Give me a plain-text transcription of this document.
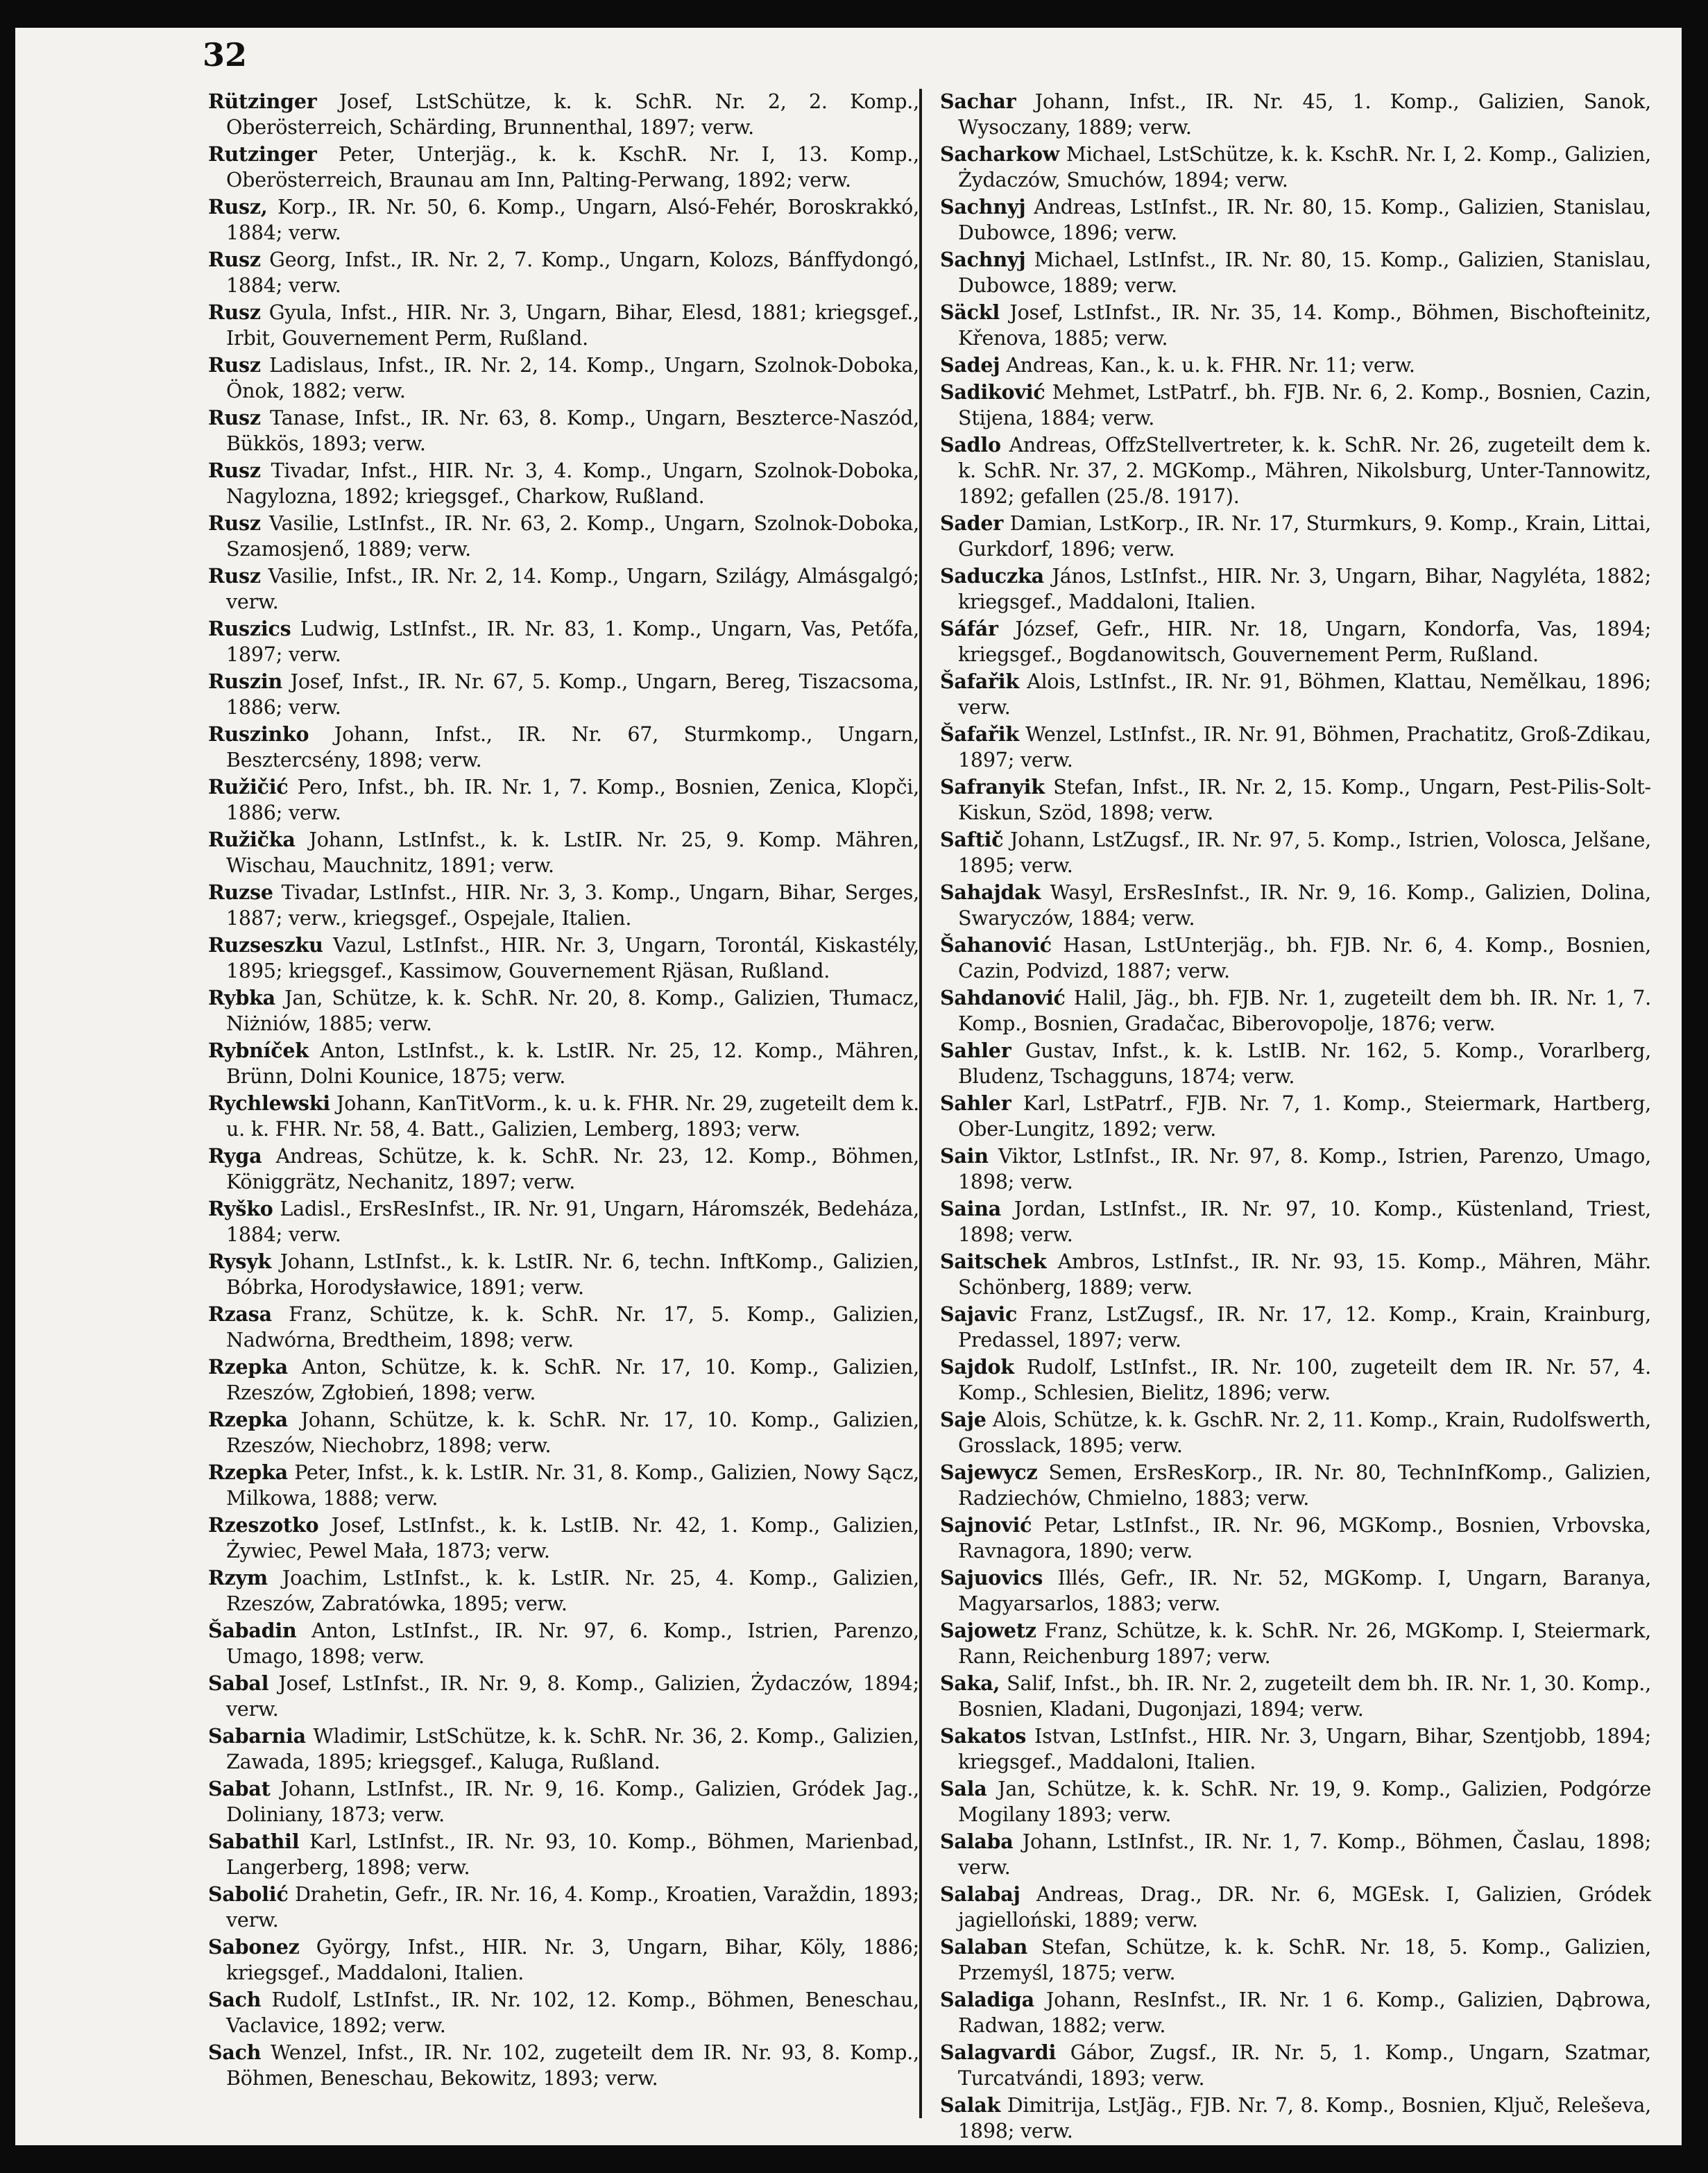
32

Rützinger Josef, LstSchütze, k. k. SchR. Nr. 2, 2. Komp., Oberösterreich, Schärding, Brunnenthal, 1897; verw.

Rutzinger Peter, Unterjäg., k. k. KschR. Nr. I, 13. Komp., Oberösterreich, Braunau am Inn, Palting-Perwang, 1892; verw.

Rusz, Korp., IR. Nr. 50, 6. Komp., Ungarn, Alsó-Fehér, Boroskrakkó, 1884; verw.

Rusz Georg, Infst., IR. Nr. 2, 7. Komp., Ungarn, Kolozs, Bánffydongó, 1884; verw.

Rusz Gyula, Infst., HIR. Nr. 3, Ungarn, Bihar, Elesd, 1881; kriegsgef., Irbit, Gouvernement Perm, Rußland.

Rusz Ladislaus, Infst., IR. Nr. 2, 14. Komp., Ungarn, Szolnok-Doboka, Önok, 1882; verw.

Rusz Tanase, Infst., IR. Nr. 63, 8. Komp., Ungarn, Beszterce-Naszód, Bükkös, 1893; verw.

Rusz Tivadar, Infst., HIR. Nr. 3, 4. Komp., Ungarn, Szolnok-Doboka, Nagylozna, 1892; kriegsgef., Charkow, Rußland.

Rusz Vasilie, LstInfst., IR. Nr. 63, 2. Komp., Ungarn, Szolnok-Doboka, Szamosjenő, 1889; verw.

Rusz Vasilie, Infst., IR. Nr. 2, 14. Komp., Ungarn, Szilágy, Almásgalgó; verw.

Ruszics Ludwig, LstInfst., IR. Nr. 83, 1. Komp., Ungarn, Vas, Petőfa, 1897; verw.

Ruszin Josef, Infst., IR. Nr. 67, 5. Komp., Ungarn, Bereg, Tiszacsoma, 1886; verw.

Ruszinko Johann, Infst., IR. Nr. 67, Sturmkomp., Ungarn, Besztercsény, 1898; verw.

Ružičić Pero, Infst., bh. IR. Nr. 1, 7. Komp., Bosnien, Zenica, Klopči, 1886; verw.

Ružička Johann, LstInfst., k. k. LstIR. Nr. 25, 9. Komp. Mähren, Wischau, Mauchnitz, 1891; verw.

Ruzse Tivadar, LstInfst., HIR. Nr. 3, 3. Komp., Ungarn, Bihar, Serges, 1887; verw., kriegsgef., Ospejale, Italien.

Ruzseszku Vazul, LstInfst., HIR. Nr. 3, Ungarn, Torontál, Kiskastély, 1895; kriegsgef., Kassimow, Gouvernement Rjäsan, Rußland.

Rybka Jan, Schütze, k. k. SchR. Nr. 20, 8. Komp., Galizien, Tłumacz, Niżniów, 1885; verw.

Rybníček Anton, LstInfst., k. k. LstIR. Nr. 25, 12. Komp., Mähren, Brünn, Dolni Kounice, 1875; verw.

Rychlewski Johann, KanTitVorm., k. u. k. FHR. Nr. 29, zugeteilt dem k. u. k. FHR. Nr. 58, 4. Batt., Galizien, Lemberg, 1893; verw.

Ryga Andreas, Schütze, k. k. SchR. Nr. 23, 12. Komp., Böhmen, Königgrätz, Nechanitz, 1897; verw.

Ryško Ladisl., ErsResInfst., IR. Nr. 91, Ungarn, Háromszék, Bedeháza, 1884; verw.

Rysyk Johann, LstInfst., k. k. LstIR. Nr. 6, techn. InftKomp., Galizien, Bóbrka, Horodysławice, 1891; verw.

Rzasa Franz, Schütze, k. k. SchR. Nr. 17, 5. Komp., Galizien, Nadwórna, Bredtheim, 1898; verw.

Rzepka Anton, Schütze, k. k. SchR. Nr. 17, 10. Komp., Galizien, Rzeszów, Zgłobień, 1898; verw.

Rzepka Johann, Schütze, k. k. SchR. Nr. 17, 10. Komp., Galizien, Rzeszów, Niechobrz, 1898; verw.

Rzepka Peter, Infst., k. k. LstIR. Nr. 31, 8. Komp., Galizien, Nowy Sącz, Milkowa, 1888; verw.

Rzeszotko Josef, LstInfst., k. k. LstIB. Nr. 42, 1. Komp., Galizien, Żywiec, Pewel Mała, 1873; verw.

Rzym Joachim, LstInfst., k. k. LstIR. Nr. 25, 4. Komp., Galizien, Rzeszów, Zabratówka, 1895; verw.

Šabadin Anton, LstInfst., IR. Nr. 97, 6. Komp., Istrien, Parenzo, Umago, 1898; verw.

Sabal Josef, LstInfst., IR. Nr. 9, 8. Komp., Galizien, Żydaczów, 1894; verw.

Sabarnia Wladimir, LstSchütze, k. k. SchR. Nr. 36, 2. Komp., Galizien, Zawada, 1895; kriegsgef., Kaluga, Rußland.

Sabat Johann, LstInfst., IR. Nr. 9, 16. Komp., Galizien, Gródek Jag., Doliniany, 1873; verw.

Sabathil Karl, LstInfst., IR. Nr. 93, 10. Komp., Böhmen, Marienbad, Langerberg, 1898; verw.

Sabolić Drahetin, Gefr., IR. Nr. 16, 4. Komp., Kroatien, Varaždin, 1893; verw.

Sabonez György, Infst., HIR. Nr. 3, Ungarn, Bihar, Köly, 1886; kriegsgef., Maddaloni, Italien.

Sach Rudolf, LstInfst., IR. Nr. 102, 12. Komp., Böhmen, Beneschau, Vaclavice, 1892; verw.

Sach Wenzel, Infst., IR. Nr. 102, zugeteilt dem IR. Nr. 93, 8. Komp., Böhmen, Beneschau, Bekowitz, 1893; verw.

Sachar Johann, Infst., IR. Nr. 45, 1. Komp., Galizien, Sanok, Wysoczany, 1889; verw.

Sacharkow Michael, LstSchütze, k. k. KschR. Nr. I, 2. Komp., Galizien, Żydaczów, Smuchów, 1894; verw.

Sachnyj Andreas, LstInfst., IR. Nr. 80, 15. Komp., Galizien, Stanislau, Dubowce, 1896; verw.

Sachnyj Michael, LstInfst., IR. Nr. 80, 15. Komp., Galizien, Stanislau, Dubowce, 1889; verw.

Säckl Josef, LstInfst., IR. Nr. 35, 14. Komp., Böhmen, Bischofteinitz, Křenova, 1885; verw.

Sadej Andreas, Kan., k. u. k. FHR. Nr. 11; verw.

Sadiković Mehmet, LstPatrf., bh. FJB. Nr. 6, 2. Komp., Bosnien, Cazin, Stijena, 1884; verw.

Sadlo Andreas, OffzStellvertreter, k. k. SchR. Nr. 26, zugeteilt dem k. k. SchR. Nr. 37, 2. MGKomp., Mähren, Nikolsburg, Unter-Tannowitz, 1892; gefallen (25./8. 1917).

Sader Damian, LstKorp., IR. Nr. 17, Sturmkurs, 9. Komp., Krain, Littai, Gurkdorf, 1896; verw.

Saduczka János, LstInfst., HIR. Nr. 3, Ungarn, Bihar, Nagyléta, 1882; kriegsgef., Maddaloni, Italien.

Sáfár József, Gefr., HIR. Nr. 18, Ungarn, Kondorfa, Vas, 1894; kriegsgef., Bogdanowitsch, Gouvernement Perm, Rußland.

Šafařik Alois, LstInfst., IR. Nr. 91, Böhmen, Klattau, Nemělkau, 1896; verw.

Šafařik Wenzel, LstInfst., IR. Nr. 91, Böhmen, Prachatitz, Groß-Zdikau, 1897; verw.

Safranyik Stefan, Infst., IR. Nr. 2, 15. Komp., Ungarn, Pest-Pilis-Solt-Kiskun, Szöd, 1898; verw.

Saftič Johann, LstZugsf., IR. Nr. 97, 5. Komp., Istrien, Volosca, Jelšane, 1895; verw.

Sahajdak Wasyl, ErsResInfst., IR. Nr. 9, 16. Komp., Galizien, Dolina, Swaryczów, 1884; verw.

Šahanović Hasan, LstUnterjäg., bh. FJB. Nr. 6, 4. Komp., Bosnien, Cazin, Podvizd, 1887; verw.

Sahdanović Halil, Jäg., bh. FJB. Nr. 1, zugeteilt dem bh. IR. Nr. 1, 7. Komp., Bosnien, Gradačac, Biberovopolje, 1876; verw.

Sahler Gustav, Infst., k. k. LstIB. Nr. 162, 5. Komp., Vorarlberg, Bludenz, Tschagguns, 1874; verw.

Sahler Karl, LstPatrf., FJB. Nr. 7, 1. Komp., Steiermark, Hartberg, Ober-Lungitz, 1892; verw.

Sain Viktor, LstInfst., IR. Nr. 97, 8. Komp., Istrien, Parenzo, Umago, 1898; verw.

Saina Jordan, LstInfst., IR. Nr. 97, 10. Komp., Küstenland, Triest, 1898; verw.

Saitschek Ambros, LstInfst., IR. Nr. 93, 15. Komp., Mähren, Mähr. Schönberg, 1889; verw.

Sajavic Franz, LstZugsf., IR. Nr. 17, 12. Komp., Krain, Krainburg, Predassel, 1897; verw.

Sajdok Rudolf, LstInfst., IR. Nr. 100, zugeteilt dem IR. Nr. 57, 4. Komp., Schlesien, Bielitz, 1896; verw.

Saje Alois, Schütze, k. k. GschR. Nr. 2, 11. Komp., Krain, Rudolfswerth, Grosslack, 1895; verw.

Sajewycz Semen, ErsResKorp., IR. Nr. 80, TechnInfKomp., Galizien, Radziechów, Chmielno, 1883; verw.

Sajnović Petar, LstInfst., IR. Nr. 96, MGKomp., Bosnien, Vrbovska, Ravnagora, 1890; verw.

Sajuovics Illés, Gefr., IR. Nr. 52, MGKomp. I, Ungarn, Baranya, Magyarsarlos, 1883; verw.

Sajowetz Franz, Schütze, k. k. SchR. Nr. 26, MGKomp. I, Steiermark, Rann, Reichenburg 1897; verw.

Saka, Salif, Infst., bh. IR. Nr. 2, zugeteilt dem bh. IR. Nr. 1, 30. Komp., Bosnien, Kladani, Dugonjazi, 1894; verw.

Sakatos Istvan, LstInfst., HIR. Nr. 3, Ungarn, Bihar, Szentjobb, 1894; kriegsgef., Maddaloni, Italien.

Sala Jan, Schütze, k. k. SchR. Nr. 19, 9. Komp., Galizien, Podgórze Mogilany 1893; verw.

Salaba Johann, LstInfst., IR. Nr. 1, 7. Komp., Böhmen, Časlau, 1898; verw.

Salabaj Andreas, Drag., DR. Nr. 6, MGEsk. I, Galizien, Gródek jagielloński, 1889; verw.

Salaban Stefan, Schütze, k. k. SchR. Nr. 18, 5. Komp., Galizien, Przemyśl, 1875; verw.

Saladiga Johann, ResInfst., IR. Nr. 1 6. Komp., Galizien, Dąbrowa, Radwan, 1882; verw.

Salagvardi Gábor, Zugsf., IR. Nr. 5, 1. Komp., Ungarn, Szatmar, Turcatvándi, 1893; verw.

Salak Dimitrija, LstJäg., FJB. Nr. 7, 8. Komp., Bosnien, Ključ, Releševa, 1898; verw.
